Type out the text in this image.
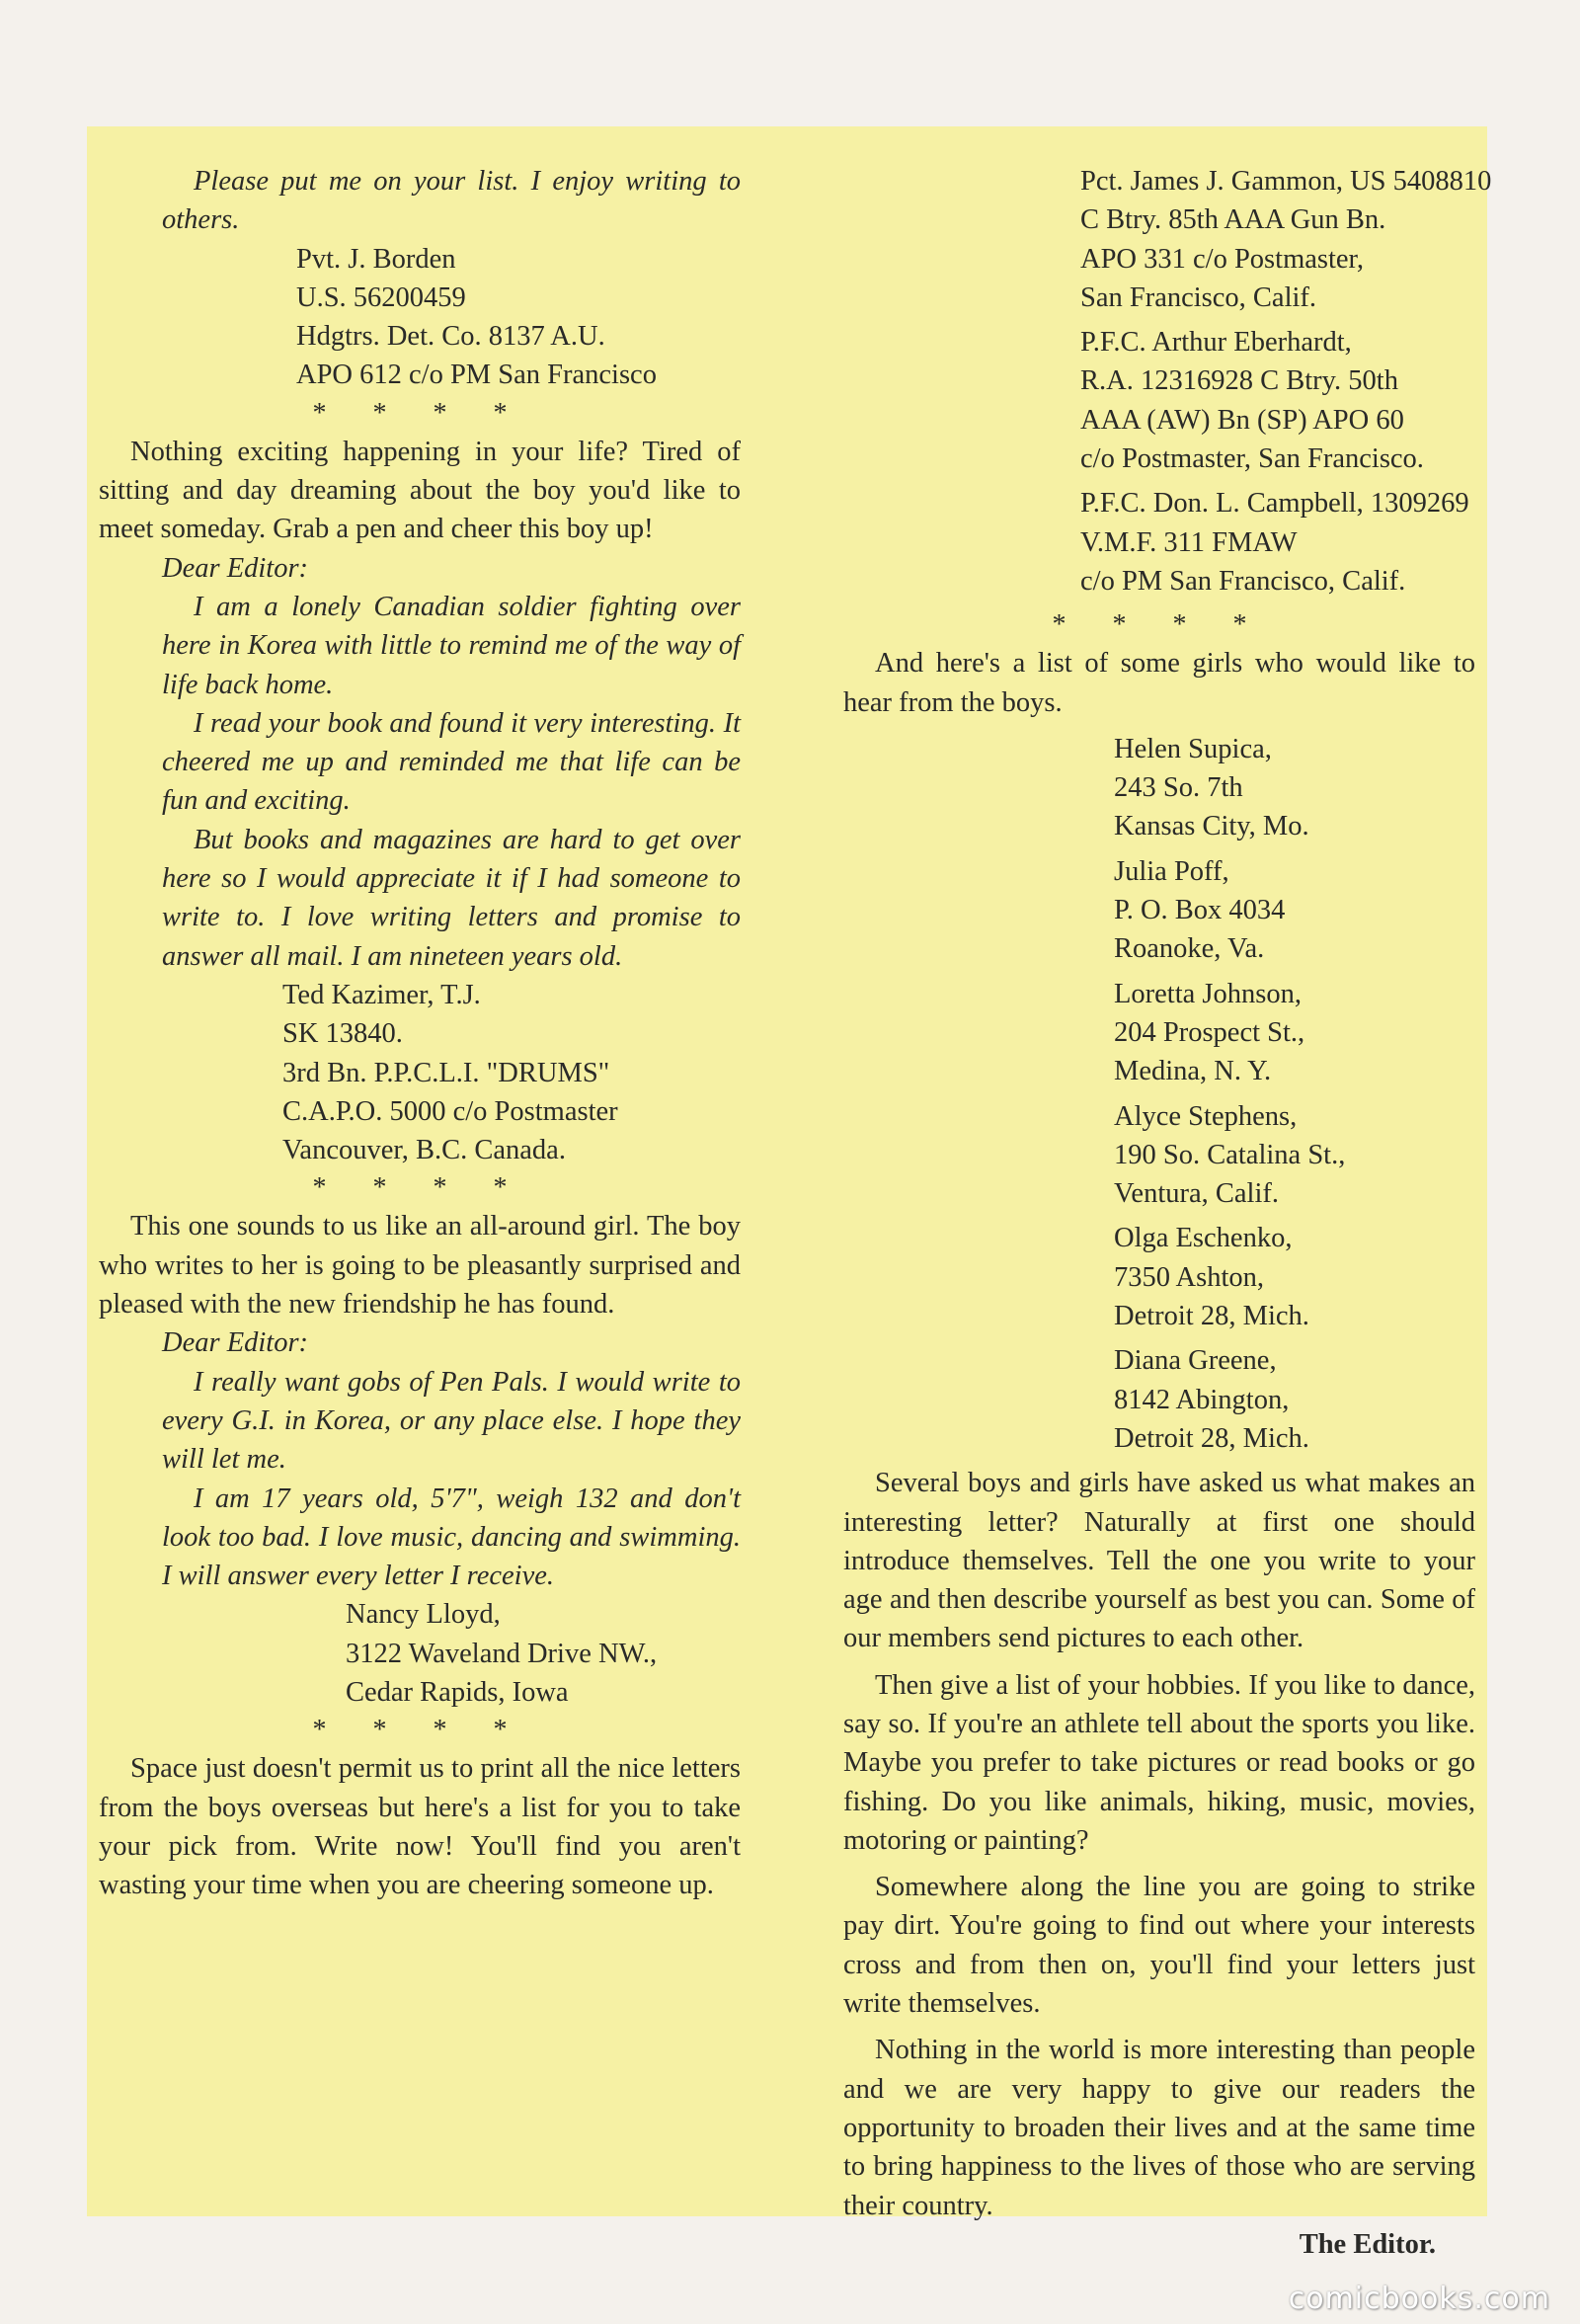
Please put me on your list. I enjoy writing to others.

Pvt. J. Borden
U.S. 56200459
Hdgtrs. Det. Co. 8137 A.U.
APO 612 c/o PM San Francisco
* * * *

Nothing exciting happening in your life? Tired of sitting and day dreaming about the boy you'd like to meet someday. Grab a pen and cheer this boy up!

Dear Editor:

I am a lonely Canadian soldier fighting over here in Korea with little to remind me of the way of life back home.

I read your book and found it very interesting. It cheered me up and reminded me that life can be fun and exciting.

But books and magazines are hard to get over here so I would appreciate it if I had someone to write to. I love writing letters and promise to answer all mail. I am nineteen years old.

Ted Kazimer, T.J.
SK 13840.
3rd Bn. P.P.C.L.I. "DRUMS"
C.A.P.O. 5000 c/o Postmaster
Vancouver, B.C. Canada.
* * * *

This one sounds to us like an all-around girl. The boy who writes to her is going to be pleasantly surprised and pleased with the new friendship he has found.

Dear Editor:

I really want gobs of Pen Pals. I would write to every G.I. in Korea, or any place else. I hope they will let me.

I am 17 years old, 5'7", weigh 132 and don't look too bad. I love music, dancing and swimming. I will answer every letter I receive.

Nancy Lloyd,
3122 Waveland Drive NW.,
Cedar Rapids, Iowa
* * * *

Space just doesn't permit us to print all the nice letters from the boys overseas but here's a list for you to take your pick from. Write now! You'll find you aren't wasting your time when you are cheering someone up.

Pct. James J. Gammon, US 5408810
C Btry. 85th AAA Gun Bn.
APO 331 c/o Postmaster,
San Francisco, Calif.
P.F.C. Arthur Eberhardt,
R.A. 12316928 C Btry. 50th
AAA (AW) Bn (SP) APO 60
c/o Postmaster, San Francisco.
P.F.C. Don. L. Campbell, 1309269
V.M.F. 311 FMAW
c/o PM San Francisco, Calif.
* * * *

And here's a list of some girls who would like to hear from the boys.

Helen Supica,
243 So. 7th
Kansas City, Mo.
Julia Poff,
P. O. Box 4034
Roanoke, Va.
Loretta Johnson,
204 Prospect St.,
Medina, N. Y.
Alyce Stephens,
190 So. Catalina St.,
Ventura, Calif.
Olga Eschenko,
7350 Ashton,
Detroit 28, Mich.
Diana Greene,
8142 Abington,
Detroit 28, Mich.

Several boys and girls have asked us what makes an interesting letter? Naturally at first one should introduce themselves. Tell the one you write to your age and then describe yourself as best you can. Some of our members send pictures to each other.

Then give a list of your hobbies. If you like to dance, say so. If you're an athlete tell about the sports you like. Maybe you prefer to take pictures or read books or go fishing. Do you like animals, hiking, music, movies, motoring or painting?

Somewhere along the line you are going to strike pay dirt. You're going to find out where your interests cross and from then on, you'll find your letters just write themselves.

Nothing in the world is more interesting than people and we are very happy to give our readers the opportunity to broaden their lives and at the same time to bring happiness to the lives of those who are serving their country.

The Editor.

comicbooks.com
